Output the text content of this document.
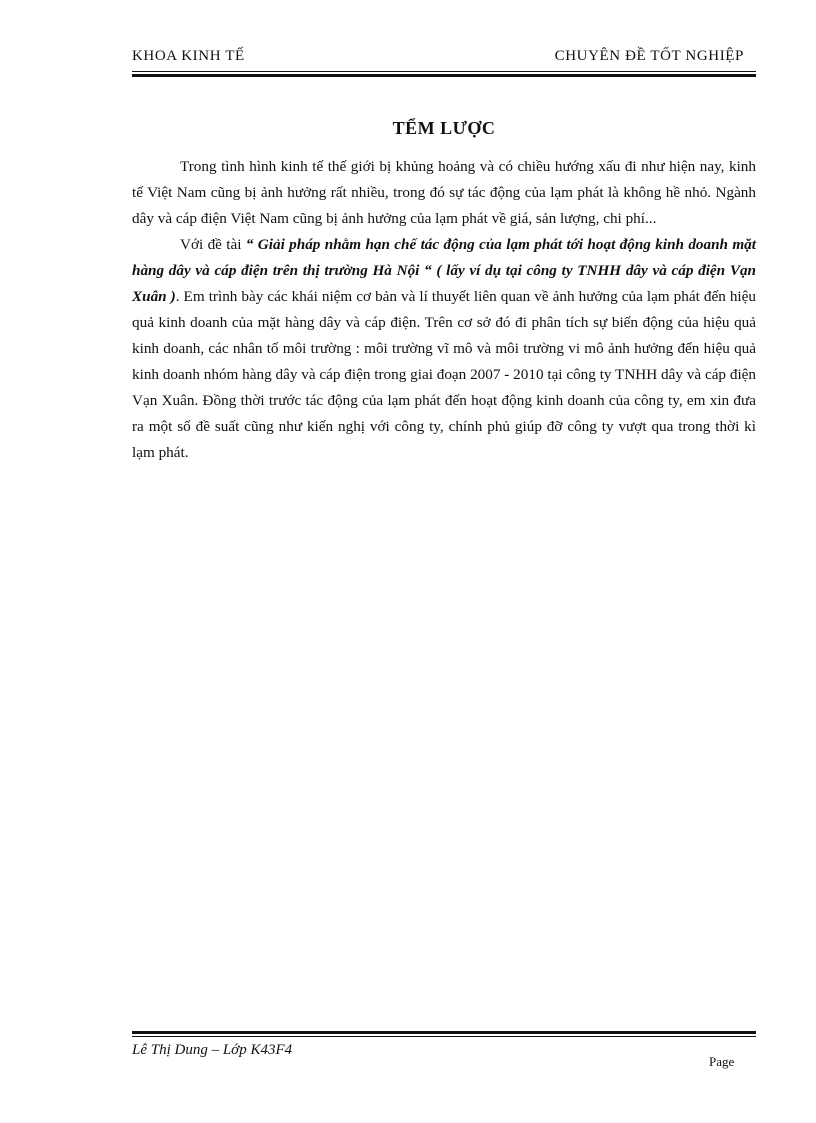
KHOA KINH TẾ	CHUYÊN ĐỀ TỐT NGHIỆP
TỂM LƯỢC

Trong tình hình kinh tế thế giới bị khủng hoảng và có chiều hướng xấu đi như hiện nay, kinh tế Việt Nam cũng bị ảnh hưởng rất nhiều, trong đó sự tác động của lạm phát là không hề nhỏ. Ngành dây và cáp điện Việt Nam cũng bị ảnh hưởng của lạm phát về giá, sản lượng, chi phí...

Với đề tài “ Giải pháp nhằm hạn chế tác động của lạm phát tới hoạt động kinh doanh mặt hàng dây và cáp điện trên thị trường Hà Nội “ ( lấy ví dụ tại công ty TNHH dây và cáp điện Vạn Xuân ). Em trình bày các khái niệm cơ bản và lí thuyết liên quan về ảnh hưởng của lạm phát đến hiệu quả kinh doanh của mặt hàng dây và cáp điện. Trên cơ sở đó đi phân tích sự biến động của hiệu quả kinh doanh, các nhân tố môi trường : môi trường vĩ mô và môi trường vi mô ảnh hưởng đến hiệu quả kinh doanh nhóm hàng dây và cáp điện trong giai đoạn 2007 - 2010 tại công ty TNHH dây và cáp điện Vạn Xuân. Đồng thời trước tác động của lạm phát đến hoạt động kinh doanh của công ty, em xin đưa ra một số đề suất cũng như kiến nghị với công ty, chính phủ giúp đỡ công ty vượt qua trong thời kì lạm phát.

Lê Thị Dung – Lớp K43F4
Page
